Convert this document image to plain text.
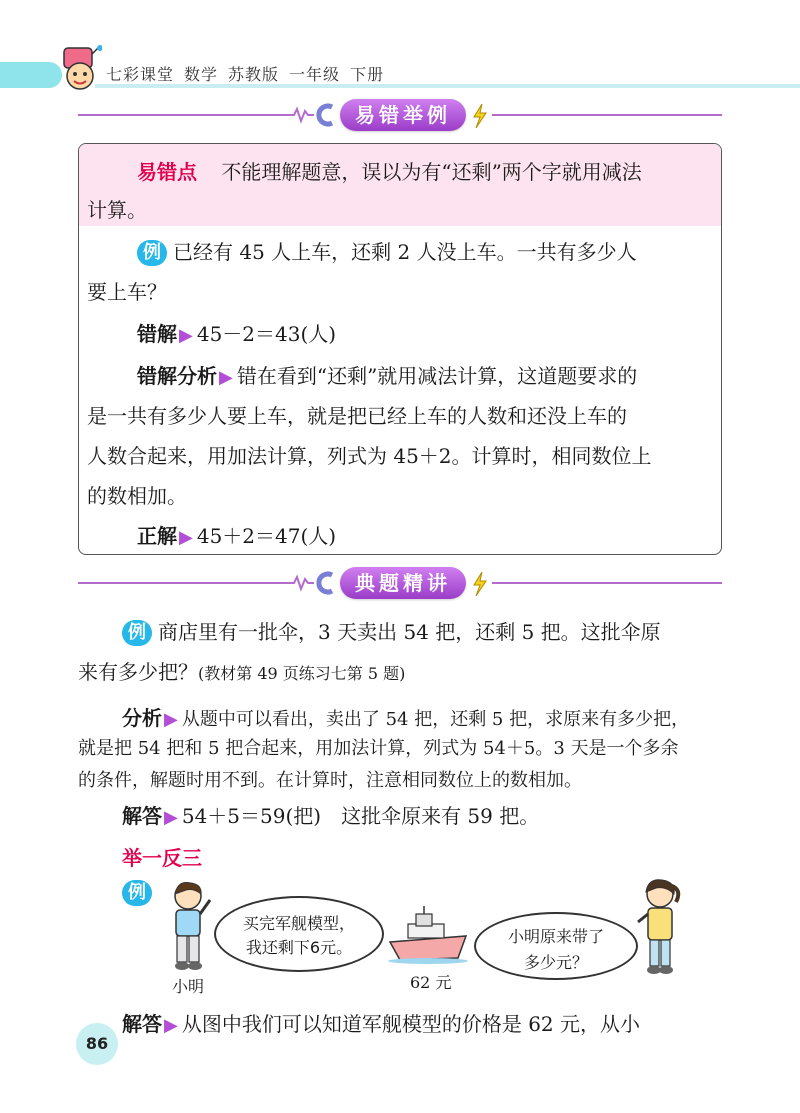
七彩课堂 数学 苏教版 一年级 下册
易错举例
易错点 不能理解题意，误以为有“还剩”两个字就用减法
计算。
例 已经有 45 人上车，还剩 2 人没上车。一共有多少人
要上车？
错解 ▶ 45－2＝43(人)
错解分析 ▶ 错在看到“还剩”就用减法计算，这道题要求的
是一共有多少人要上车，就是把已经上车的人数和还没上车的
人数合起来，用加法计算，列式为 45＋2。计算时，相同数位上
的数相加。
正解 ▶ 45＋2＝47(人)
典题精讲
例 商店里有一批伞，3 天卖出 54 把，还剩 5 把。这批伞原
来有多少把？(教材第 49 页练习七第 5 题)
分析 ▶ 从题中可以看出，卖出了 54 把，还剩 5 把，求原来有多少把，
就是把 54 把和 5 把合起来，用加法计算，列式为 54＋5。3 天是一个多余
的条件，解题时用不到。在计算时，注意相同数位上的数相加。
解答 ▶ 54＋5＝59(把)　这批伞原来有 59 把。
举一反三
例
小明
买完军舰模型，
我还剩下6元。
62 元
小明原来带了
多少元？
解答 ▶ 从图中我们可以知道军舰模型的价格是 62 元，从小
86
